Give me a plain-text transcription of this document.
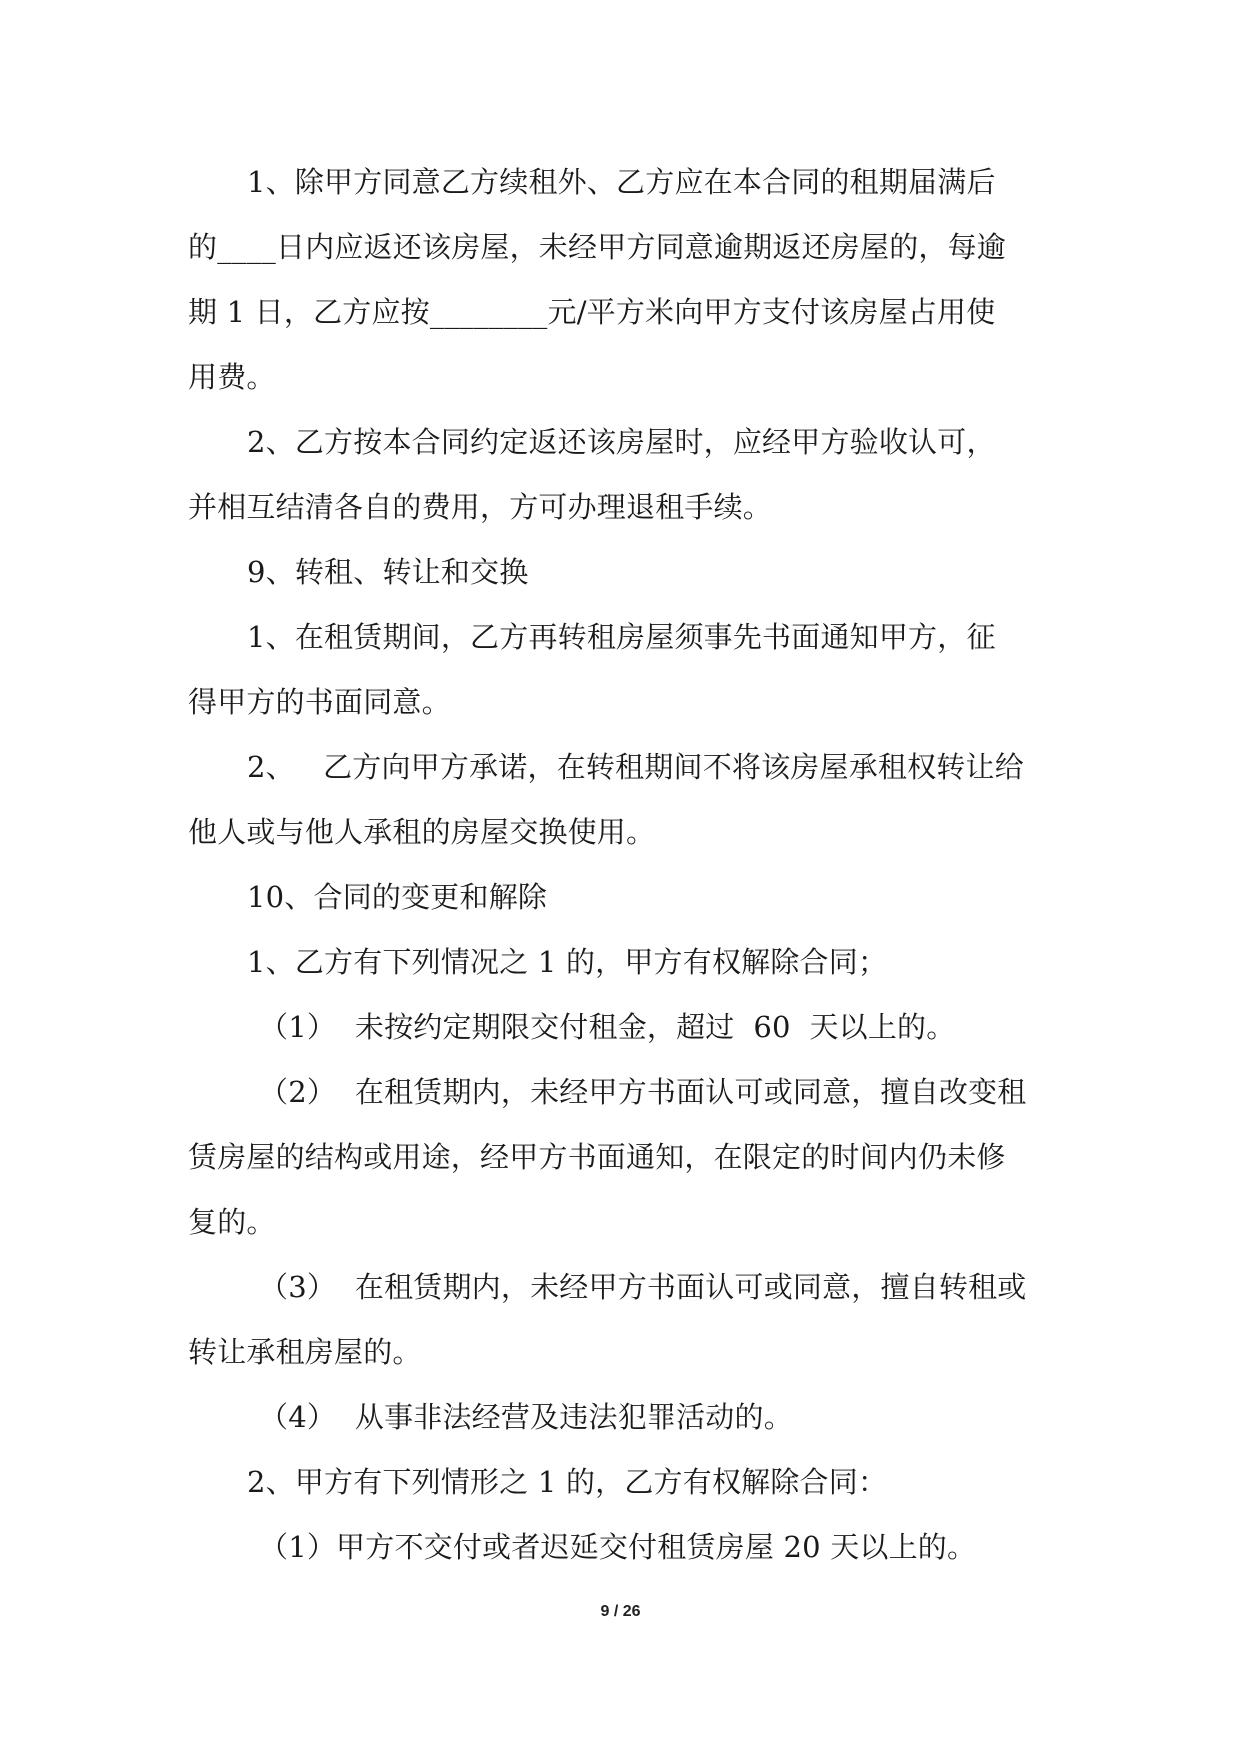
1、除甲方同意乙方续租外、乙方应在本合同的租期届满后
的____日内应返还该房屋，未经甲方同意逾期返还房屋的，每逾
期 1 日，乙方应按________元/平方米向甲方支付该房屋占用使
用费。
2、乙方按本合同约定返还该房屋时，应经甲方验收认可，
并相互结清各自的费用，方可办理退租手续。
9、转租、转让和交换
1、在租赁期间，乙方再转租房屋须事先书面通知甲方，征
得甲方的书面同意。
2、   乙方向甲方承诺，在转租期间不将该房屋承租权转让给
他人或与他人承租的房屋交换使用。
10、合同的变更和解除
1、乙方有下列情况之 1 的，甲方有权解除合同；
（1）  未按约定期限交付租金，超过  60  天以上的。
（2）  在租赁期内，未经甲方书面认可或同意，擅自改变租
赁房屋的结构或用途，经甲方书面通知，在限定的时间内仍未修
复的。
（3）  在租赁期内，未经甲方书面认可或同意，擅自转租或
转让承租房屋的。
（4）  从事非法经营及违法犯罪活动的。
2、甲方有下列情形之 1 的，乙方有权解除合同：
（1）甲方不交付或者迟延交付租赁房屋 20 天以上的。
9 / 26
